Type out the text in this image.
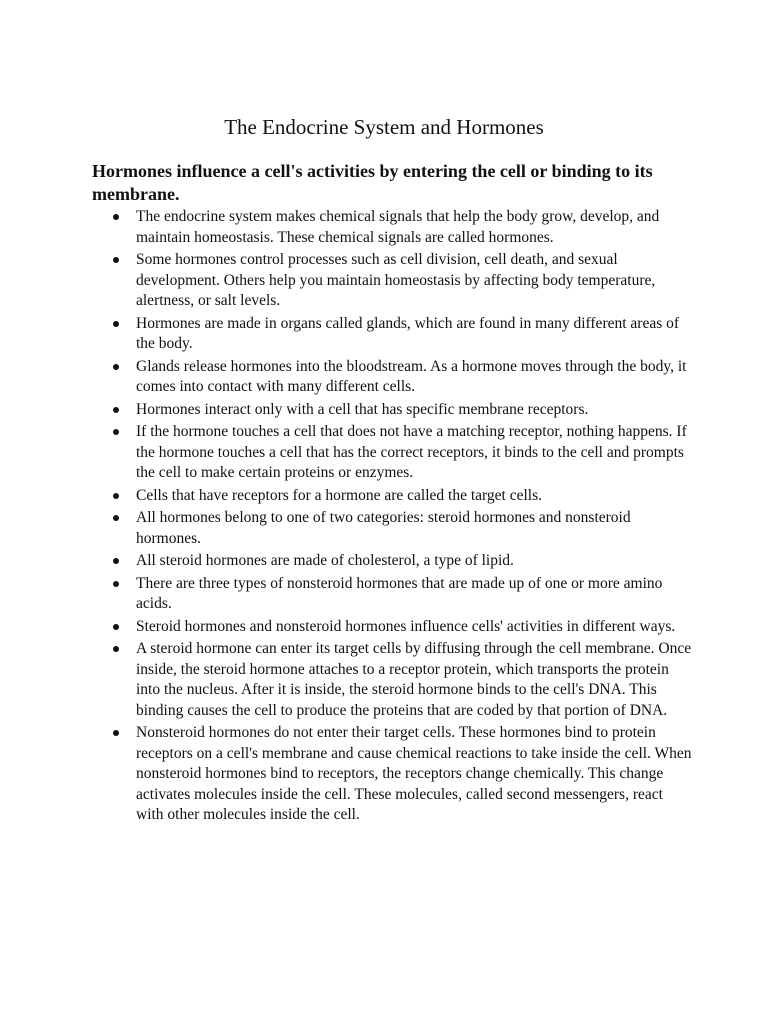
The Endocrine System and Hormones
Hormones influence a cell's activities by entering the cell or binding to its membrane.
The endocrine system makes chemical signals that help the body grow, develop, and maintain homeostasis. These chemical signals are called hormones.
Some hormones control processes such as cell division, cell death, and sexual development. Others help you maintain homeostasis by affecting body temperature, alertness, or salt levels.
Hormones are made in organs called glands, which are found in many different areas of the body.
Glands release hormones into the bloodstream. As a hormone moves through the body, it comes into contact with many different cells.
Hormones interact only with a cell that has specific membrane receptors.
If the hormone touches a cell that does not have a matching receptor, nothing happens. If the hormone touches a cell that has the correct receptors, it binds to the cell and prompts the cell to make certain proteins or enzymes.
Cells that have receptors for a hormone are called the target cells.
All hormones belong to one of two categories: steroid hormones and nonsteroid hormones.
All steroid hormones are made of cholesterol, a type of lipid.
There are three types of nonsteroid hormones that are made up of one or more amino acids.
Steroid hormones and nonsteroid hormones influence cells' activities in different ways.
A steroid hormone can enter its target cells by diffusing through the cell membrane. Once inside, the steroid hormone attaches to a receptor protein, which transports the protein into the nucleus. After it is inside, the steroid hormone binds to the cell's DNA. This binding causes the cell to produce the proteins that are coded by that portion of DNA.
Nonsteroid hormones do not enter their target cells. These hormones bind to protein receptors on a cell's membrane and cause chemical reactions to take inside the cell. When nonsteroid hormones bind to receptors, the receptors change chemically. This change activates molecules inside the cell. These molecules, called second messengers, react with other molecules inside the cell.
